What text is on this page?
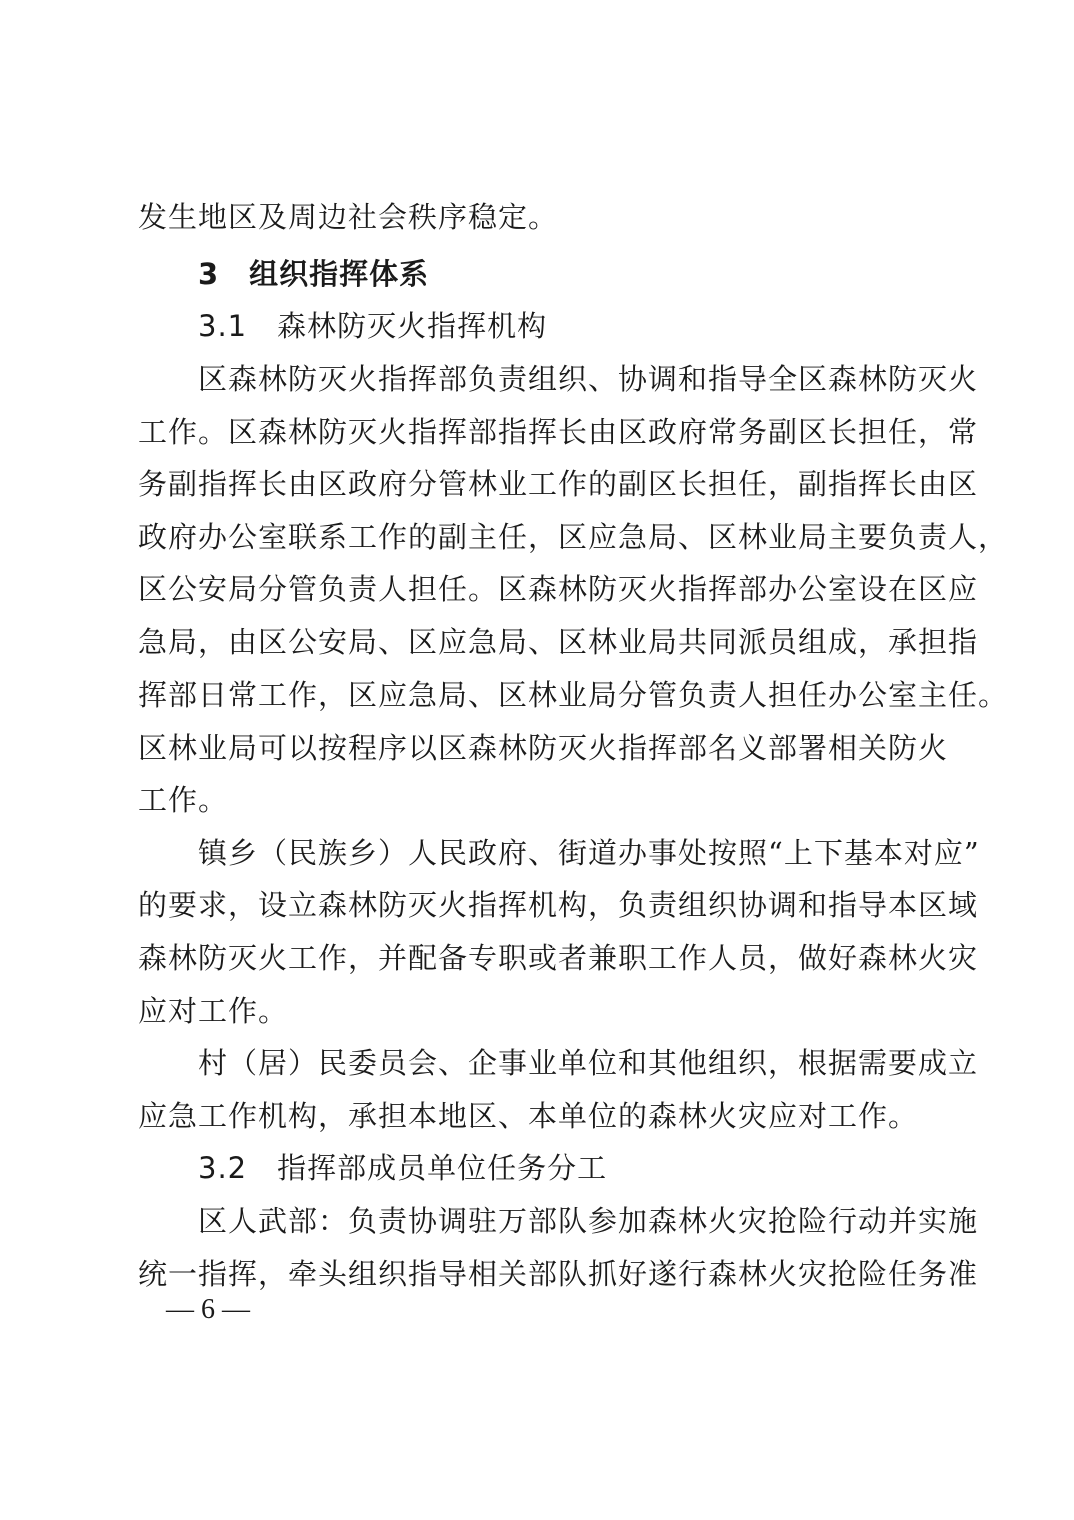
发生地区及周边社会秩序稳定。
3　组织指挥体系
3.1　森林防灭火指挥机构
区森林防灭火指挥部负责组织、协调和指导全区森林防灭火
工作。区森林防灭火指挥部指挥长由区政府常务副区长担任，常
务副指挥长由区政府分管林业工作的副区长担任，副指挥长由区
政府办公室联系工作的副主任，区应急局、区林业局主要负责人，
区公安局分管负责人担任。区森林防灭火指挥部办公室设在区应
急局，由区公安局、区应急局、区林业局共同派员组成，承担指
挥部日常工作，区应急局、区林业局分管负责人担任办公室主任。
区林业局可以按程序以区森林防灭火指挥部名义部署相关防火
工作。
镇乡（民族乡）人民政府、街道办事处按照“上下基本对应”
的要求，设立森林防灭火指挥机构，负责组织协调和指导本区域
森林防灭火工作，并配备专职或者兼职工作人员，做好森林火灾
应对工作。
村（居）民委员会、企事业单位和其他组织，根据需要成立
应急工作机构，承担本地区、本单位的森林火灾应对工作。
3.2　指挥部成员单位任务分工
区人武部：负责协调驻万部队参加森林火灾抢险行动并实施
统一指挥，牵头组织指导相关部队抓好遂行森林火灾抢险任务准
— 6 —
